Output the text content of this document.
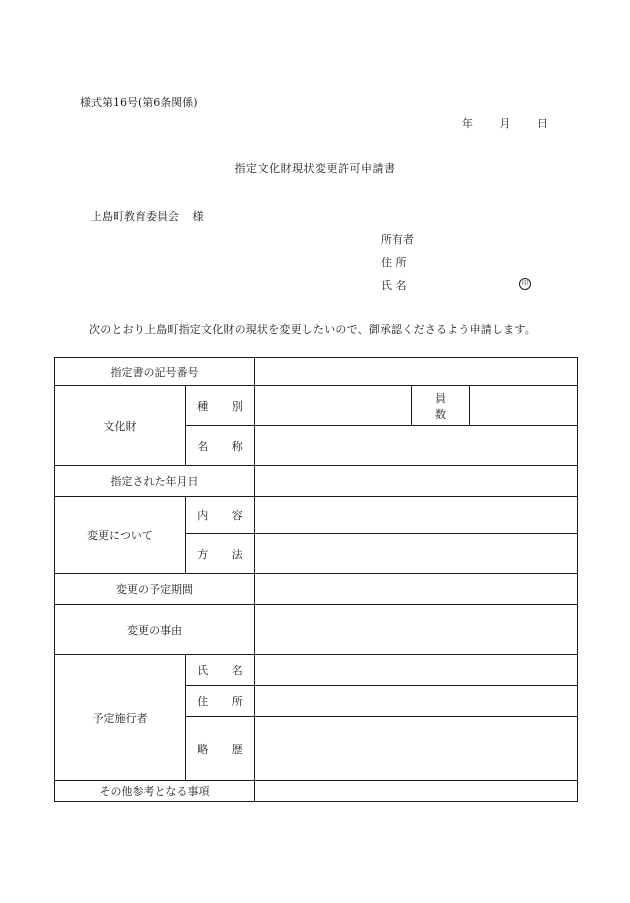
様式第16号(第6条関係)
年 月 日
指定文化財現状変更許可申請書
上島町教育委員会 様
所有者
住 所
氏 名	印
次のとおり上島町指定文化財の現状を変更したいので、御承認くださるよう申請します。
指定書の記号番号				
文化財	種 別		員 数	
	名 称			
指定された年月日				
変更について	内 容			
	方 法			
変更の予定期間				
変更の事由				
予定施行者	氏 名			
	住 所			
	略 歴			
その他参考となる事項				
